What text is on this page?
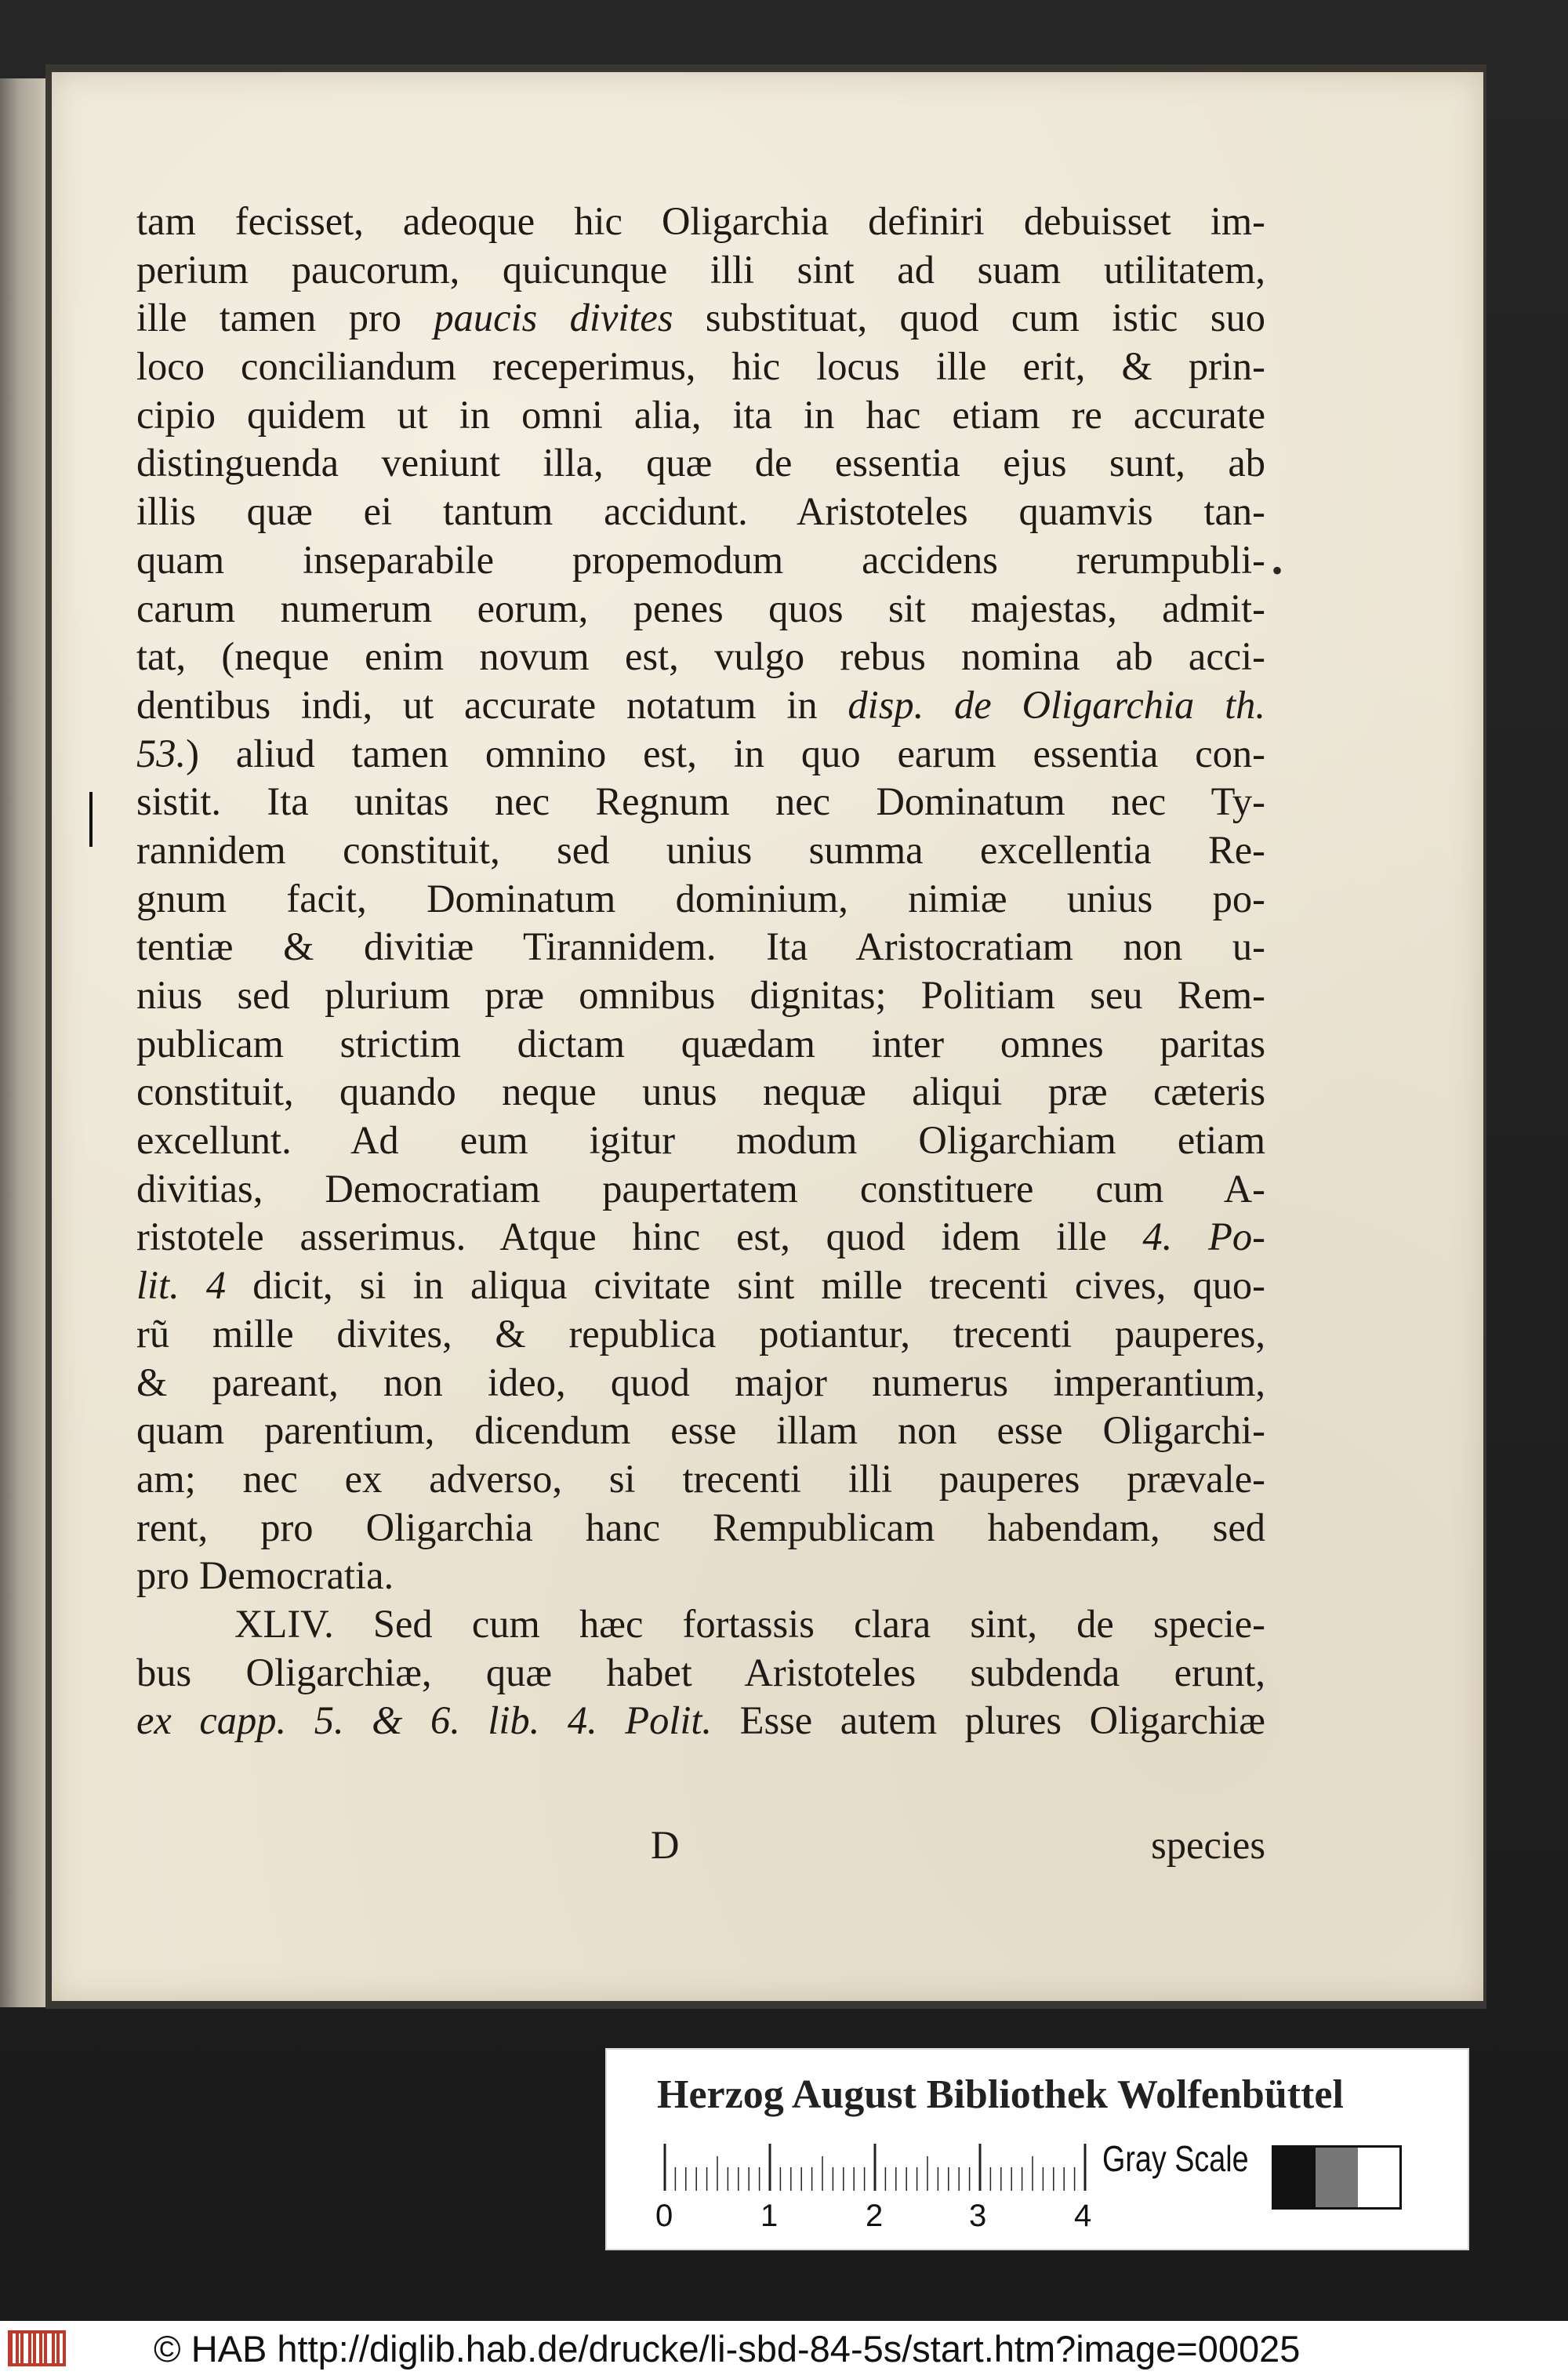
•
tam fecisset, adeoque hic Oligarchia definiri debuisset im-
perium paucorum, quicunque illi sint ad suam utilitatem,
ille tamen pro paucis divites substituat, quod cum istic suo
loco conciliandum receperimus, hic locus ille erit, & prin-
cipio quidem ut in omni alia, ita in hac etiam re accurate
distinguenda veniunt illa, quæ de essentia ejus sunt, ab
illis quæ ei tantum accidunt. Aristoteles quamvis tan-
quam inseparabile propemodum accidens rerumpubli-
carum numerum eorum, penes quos sit majestas, admit-
tat, (neque enim novum est, vulgo rebus nomina ab acci-
dentibus indi, ut accurate notatum in disp. de Oligarchia th.
53.) aliud tamen omnino est, in quo earum essentia con-
sistit. Ita unitas nec Regnum nec Dominatum nec Ty-
rannidem constituit, sed unius summa excellentia Re-
gnum facit, Dominatum dominium, nimiæ unius po-
tentiæ & divitiæ Tirannidem. Ita Aristocratiam non u-
nius sed plurium præ omnibus dignitas; Politiam seu Rem-
publicam strictim dictam quædam inter omnes paritas
constituit, quando neque unus nequæ aliqui præ cæteris
excellunt. Ad eum igitur modum Oligarchiam etiam
divitias, Democratiam paupertatem constituere cum A-
ristotele asserimus. Atque hinc est, quod idem ille 4. Po-
lit. 4 dicit, si in aliqua civitate sint mille trecenti cives, quo-
rũ mille divites, & republica potiantur, trecenti pauperes,
& pareant, non ideo, quod major numerus imperantium,
quam parentium, dicendum esse illam non esse Oligarchi-
am; nec ex adverso, si trecenti illi pauperes prævale-
rent, pro Oligarchia hanc Rempublicam habendam, sed
pro Democratia.
XLIV. Sed cum hæc fortassis clara sint, de specie-
bus Oligarchiæ, quæ habet Aristoteles subdenda erunt,
ex capp. 5. & 6. lib. 4. Polit. Esse autem plures Oligarchiæ
D	species
Herzog August Bibliothek Wolfenbüttel
0	1	2	3	4
Gray Scale
© HAB http://diglib.hab.de/drucke/li-sbd-84-5s/start.htm?image=00025
